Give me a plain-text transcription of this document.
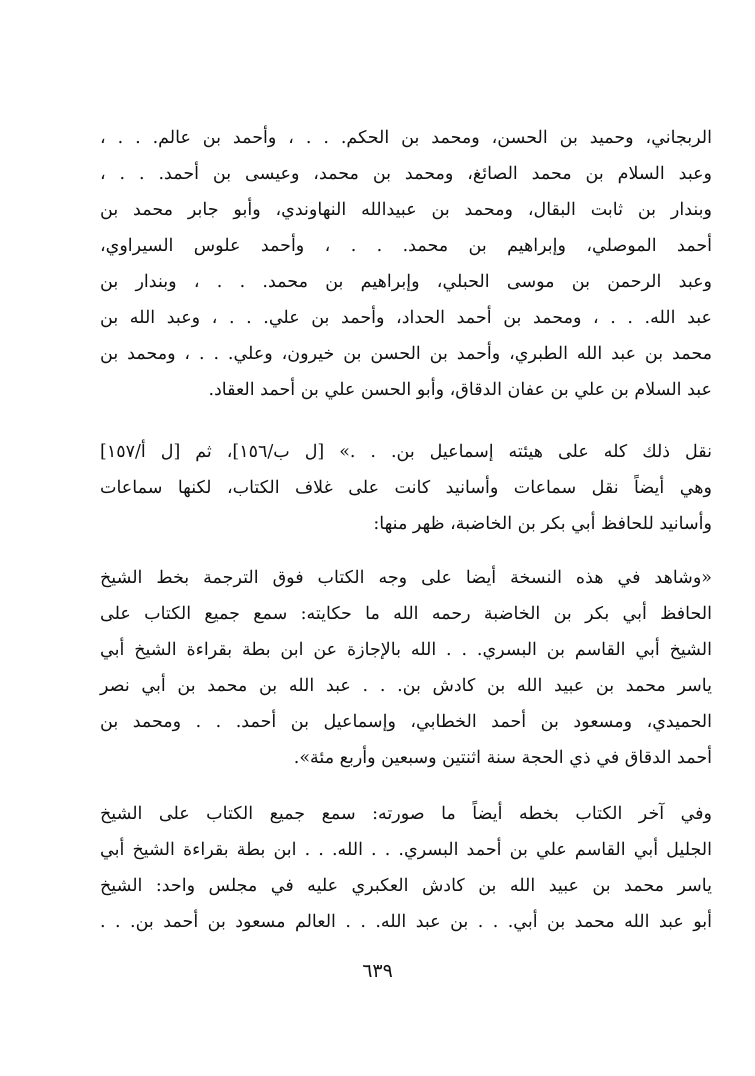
الربجاني، وحميد بن الحسن، ومحمد بن الحكم. . . ، وأحمد بن عالم. . . ،
وعبد السلام بن محمد الصائغ، ومحمد بن محمد، وعيسى بن أحمد. . . ،
وبندار بن ثابت البقال، ومحمد بن عبيدالله النهاوندي، وأبو جابر محمد بن
أحمد الموصلي، وإبراهيم بن محمد. . . ، وأحمد علوس السيراوي،
وعبد الرحمن بن موسى الحبلي، وإبراهيم بن محمد. . . ، وبندار بن
عبد الله. . . ، ومحمد بن أحمد الحداد، وأحمد بن علي. . . ، وعبد الله بن
محمد بن عبد الله الطبري، وأحمد بن الحسن بن خيرون، وعلي. . . ، ومحمد بن
عبد السلام بن علي بن عفان الدقاق، وأبو الحسن علي بن أحمد العقاد.
نقل ذلك كله على هيئته إسماعيل بن. . .» [ل ب/١٥٦]، ثم [ل أ/١٥٧]
وهي أيضاً نقل سماعات وأسانيد كانت على غلاف الكتاب، لكنها سماعات
وأسانيد للحافظ أبي بكر بن الخاضبة، ظهر منها:
«وشاهد في هذه النسخة أيضا على وجه الكتاب فوق الترجمة بخط الشيخ
الحافظ أبي بكر بن الخاضبة رحمه الله ما حكايته: سمع جميع الكتاب على
الشيخ أبي القاسم بن البسري. . . الله بالإجازة عن ابن بطة بقراءة الشيخ أبي
ياسر محمد بن عبيد الله بن كادش بن. . . عبد الله بن محمد بن أبي نصر
الحميدي، ومسعود بن أحمد الخطابي، وإسماعيل بن أحمد. . . ومحمد بن
أحمد الدقاق في ذي الحجة سنة اثنتين وسبعين وأربع مئة».
وفي آخر الكتاب بخطه أيضاً ما صورته: سمع جميع الكتاب على الشيخ
الجليل أبي القاسم علي بن أحمد البسري. . . الله. . . ابن بطة بقراءة الشيخ أبي
ياسر محمد بن عبيد الله بن كادش العكبري عليه في مجلس واحد: الشيخ
أبو عبد الله محمد بن أبي. . . بن عبد الله. . . العالم مسعود بن أحمد بن. . .
٦٣٩
